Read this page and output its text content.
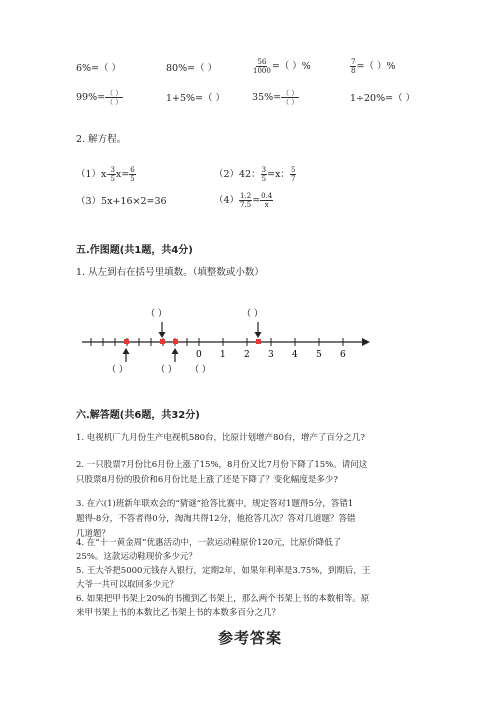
6%=（ ）	80%=（ ）	$\frac{56}{1000}$ =（ ）%	$\frac{7}{8}$ =（ ）%
$99\%= \frac{( )}{( )}$	1+5%=（ ）	$35\%= \frac{( )}{( )}$	1÷20%=（ ）
2. 解方程。
$(1)x- \frac{3}{5} x= \frac{6}{5}$	（2）42： $\frac{3}{5} =x$： $\frac{5}{7}$
（3）5x+16×2=36	$(4) \frac{1.2}{7.5} = \frac{0.4}{x}$
五.作图题(共1题，共4分)
1. 从左到右在括号里填数。（填整数或小数）
0 1 2 3 4 5 6
（ ）	（ ）
（ ）	（ ） （ ）
六.解答题(共6题，共32分)
1. 电视机厂九月份生产电视机580台，比原计划增产80台，增产了百分之几?
2. 一只股票7月份比6月份上涨了15%，8月份又比7月份下降了15%。请问这
只股票8月份的股价和6月份比是上涨了还是下降了？变化幅度是多少?
3. 在六(1)班新年联欢会的“猜谜”抢答比赛中，规定答对1题得5分，答错1
题得-8分，不答者得0分，淘淘共得12分，他抢答几次？答对几道题？答错
几道题？
4. 在“十一黄金周”优惠活动中，一款运动鞋原价120元，比原价降低了
25%。这款运动鞋现价多少元？
5. 王大爷把5000元钱存入银行，定期2年，如果年利率是3.75%，到期后，王
大爷一共可以取回多少元？
6. 如果把甲书架上20%的书搬到乙书架上，那么两个书架上书的本数相等。原
来甲书架上书的本数比乙书架上书的本数多百分之几？
参考答案
